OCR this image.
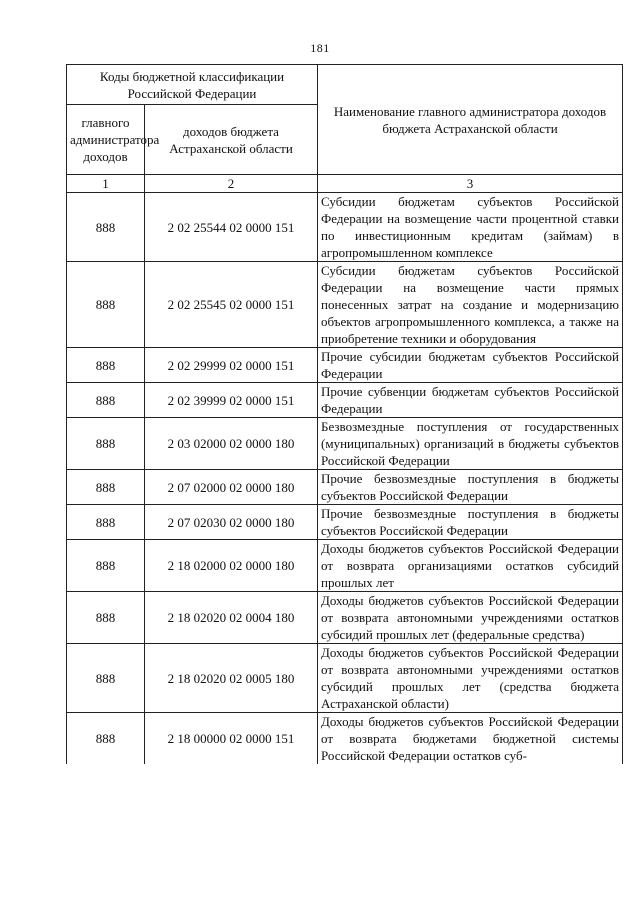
181
Коды бюджетной классификации Российской Федерации		Наименование главного администратора доходов бюджета Астраханской области
главного администратора доходов	доходов бюджета Астраханской области	
1	2	3
888	2 02 25544 02 0000 151	Субсидии бюджетам субъектов Российской Федерации на возмещение части процентной ставки по инвестиционным кредитам (займам) в агропромышленном комплексе
888	2 02 25545 02 0000 151	Субсидии бюджетам субъектов Российской Федерации на возмещение части прямых понесенных затрат на создание и модернизацию объектов агропромышленного комплекса, а также на приобретение техники и оборудования
888	2 02 29999 02 0000 151	Прочие субсидии бюджетам субъектов Российской Федерации
888	2 02 39999 02 0000 151	Прочие субвенции бюджетам субъектов Российской Федерации
888	2 03 02000 02 0000 180	Безвозмездные поступления от государственных (муниципальных) организаций в бюджеты субъектов Российской Федерации
888	2 07 02000 02 0000 180	Прочие безвозмездные поступления в бюджеты субъектов Российской Федерации
888	2 07 02030 02 0000 180	Прочие безвозмездные поступления в бюджеты субъектов Российской Федерации
888	2 18 02000 02 0000 180	Доходы бюджетов субъектов Российской Федерации от возврата организациями остатков субсидий прошлых лет
888	2 18 02020 02 0004 180	Доходы бюджетов субъектов Российской Федерации от возврата автономными учреждениями остатков субсидий прошлых лет (федеральные средства)
888	2 18 02020 02 0005 180	Доходы бюджетов субъектов Российской Федерации от возврата автономными учреждениями остатков субсидий прошлых лет (средства бюджета Астраханской области)
888	2 18 00000 02 0000 151	Доходы бюджетов субъектов Российской Федерации от возврата бюджетами бюджетной системы Российской Федерации остатков суб-
